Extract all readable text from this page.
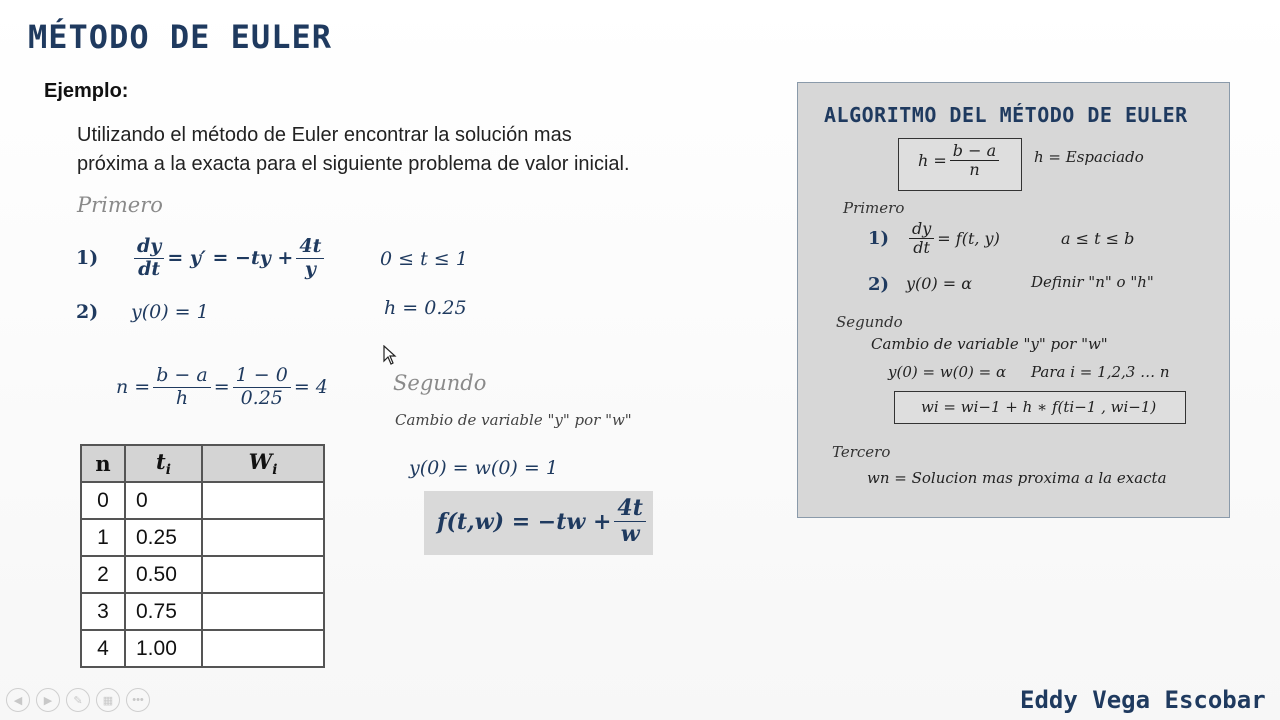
MÉTODO DE EULER
Ejemplo:
Utilizando el método de Euler encontrar la solución mas
próxima a la exacta para el siguiente problema de valor inicial.
Primero
1)	$\frac{dy}{dt} = y' = -ty + \frac{4t}{y}$	0 ≤ t ≤ 1
2)	y(0) = 1	h = 0.25
$n = \frac{b - a}{h} = \frac{1 - 0}{0.25} = 4$	Segundo
Cambio de variable "y" por "w"
y(0) = w(0) = 1
$f(t,w) = -tw + \frac{4t}{w}$
n	$t_i$	$W_i$
0	0	
1	0.25	
2	0.50	
3	0.75	
4	1.00	
ALGORITMO DEL MÉTODO DE EULER
$h = \frac{b - a}{n}$ h = Espaciado
Primero
1)	$\frac{dy}{dt} = f(t$, y)	a ≤ t ≤ b
2)	y(0) = α	Definir "n" o "h"
Segundo
Cambio de variable "y" por "w"
y(0) = w(0) = α Para i = 1,2,3 … n
wi = wi−1 + h ∗ f(ti−1 , wi−1)
Tercero
wn = Solucion mas proxima a la exacta
◀	▶	✎	▦	•••	Eddy Vega Escobar
